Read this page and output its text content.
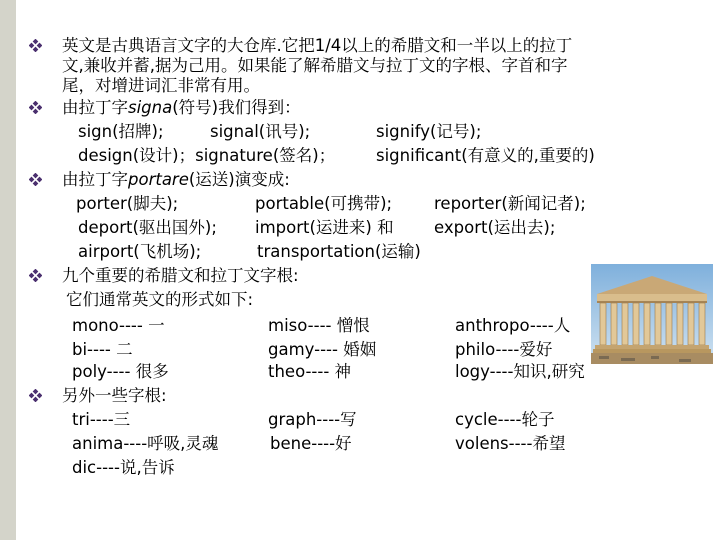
英文是古典语言文字的大仓库.它把1/4以上的希腊文和一半以上的拉丁
文,兼收并蓄,据为己用。如果能了解希腊文与拉丁文的字根、字首和字
尾，对增进词汇非常有用。
由拉丁字signa(符号)我们得到：
sign(招牌);	signal(讯号);	signify(记号);
design(设计)；signature(签名)； significant(有意义的,重要的)
由拉丁字portare(运送)演变成:
porter(脚夫);	portable(可携带);	reporter(新闻记者);
deport(驱出国外); import(运进来) 和 export(运出去);
airport(飞机场);	transportation(运输)
九个重要的希腊文和拉丁文字根:
它们通常英文的形式如下:
mono---- 一	miso---- 憎恨	anthropo----人
bi---- 二	gamy---- 婚姻	philo----爱好
poly---- 很多	theo---- 神	logy----知识,研究
另外一些字根:
tri----三	graph----写	cycle----轮子
anima----呼吸,灵魂	bene----好	volens----希望
dic----说,告诉
